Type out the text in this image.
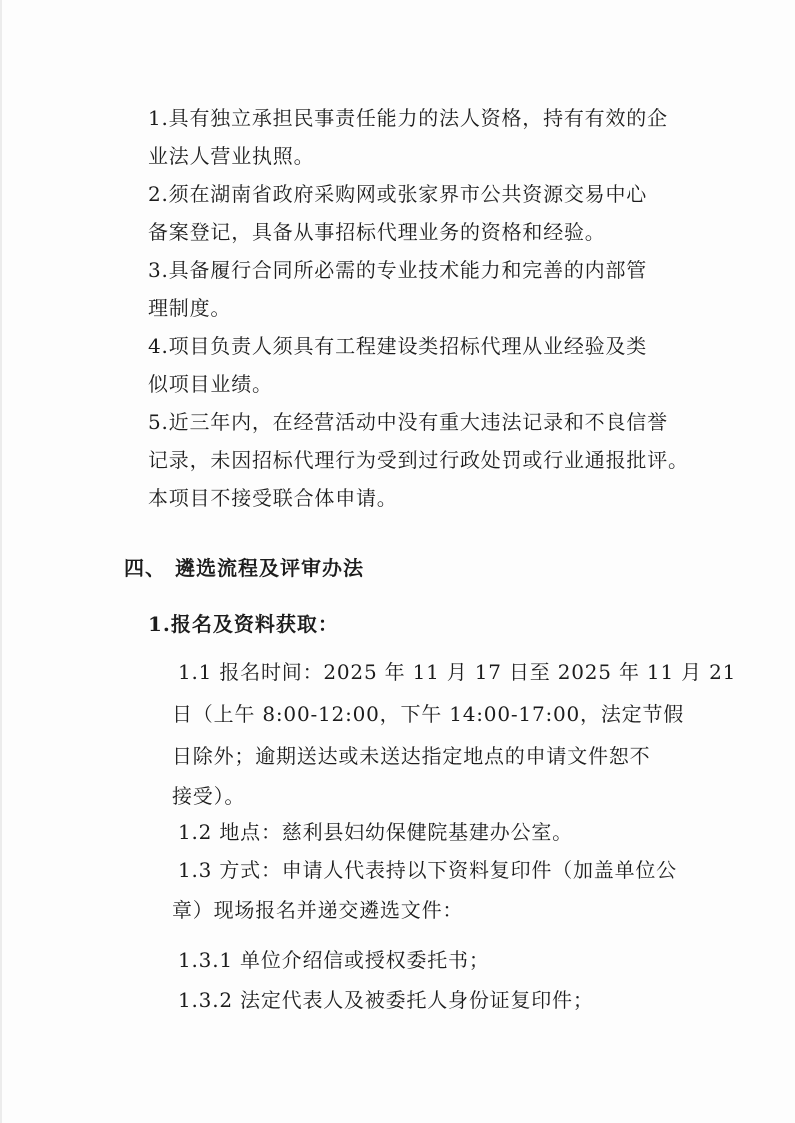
1.具有独立承担民事责任能力的法人资格，持有有效的企
业法人营业执照。
2.须在湖南省政府采购网或张家界市公共资源交易中心
备案登记，具备从事招标代理业务的资格和经验。
3.具备履行合同所必需的专业技术能力和完善的内部管
理制度。
4.项目负责人须具有工程建设类招标代理从业经验及类
似项目业绩。
5.近三年内，在经营活动中没有重大违法记录和不良信誉
记录，未因招标代理行为受到过行政处罚或行业通报批评。
本项目不接受联合体申请。
四、 遴选流程及评审办法
1.报名及资料获取：
1.1 报名时间：2025 年 11 月 17 日至 2025 年 11 月 21
日（上午 8:00-12:00，下午 14:00-17:00，法定节假
日除外；逾期送达或未送达指定地点的申请文件恕不
接受）。
1.2 地点：慈利县妇幼保健院基建办公室。
1.3 方式：申请人代表持以下资料复印件（加盖单位公
章）现场报名并递交遴选文件：
1.3.1 单位介绍信或授权委托书；
1.3.2 法定代表人及被委托人身份证复印件；
